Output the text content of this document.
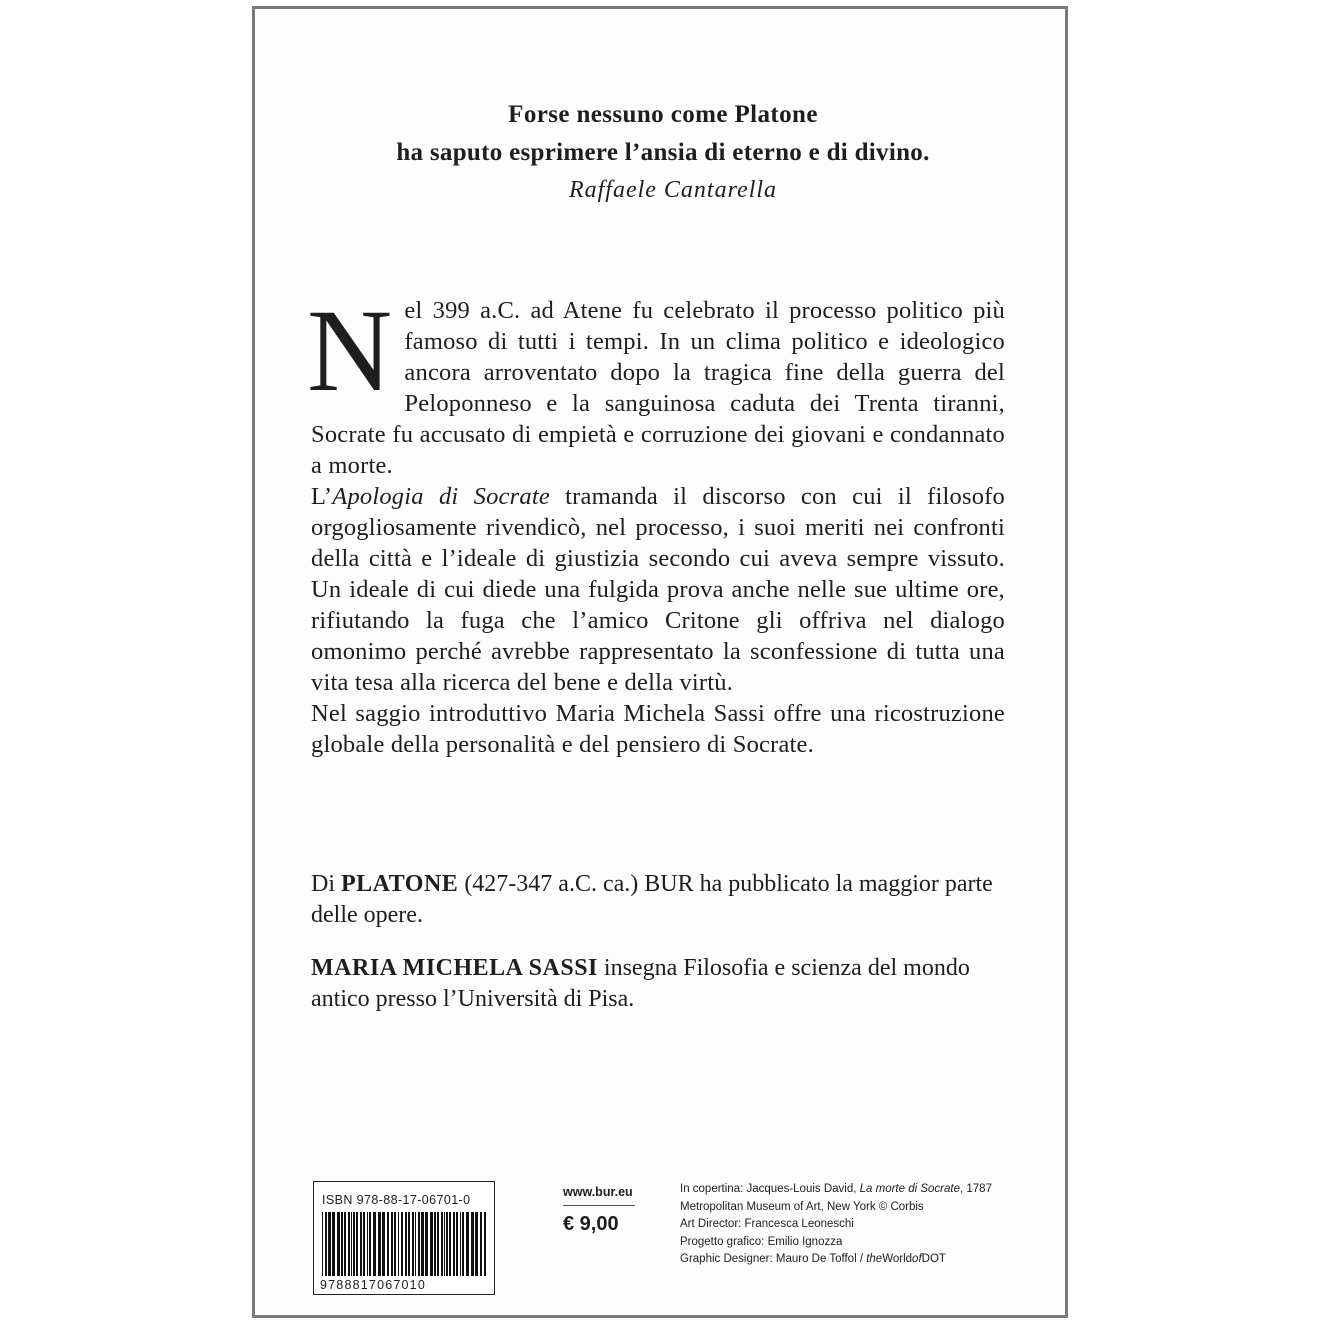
Forse nessuno come Platone
ha saputo esprimere l’ansia di eterno e di divino.
Raffaele Cantarella

Nel 399 a.C. ad Atene fu celebrato il processo politico più famoso di tutti i tempi. In un clima politico e ideologico ancora arroventato dopo la tragica fine della guerra del Peloponneso e la sanguinosa caduta dei Trenta tiranni, Socrate fu accusato di empietà e corruzione dei giovani e condannato a morte.

L’Apologia di Socrate tramanda il discorso con cui il filosofo orgogliosamente rivendicò, nel processo, i suoi meriti nei confronti della città e l’ideale di giustizia secondo cui aveva sempre vissuto. Un ideale di cui diede una fulgida prova anche nelle sue ultime ore, rifiutando la fuga che l’amico Critone gli offriva nel dialogo omonimo perché avrebbe rappresentato la sconfessione di tutta una vita tesa alla ricerca del bene e della virtù.

Nel saggio introduttivo Maria Michela Sassi offre una ricostruzione globale della personalità e del pensiero di Socrate.

Di PLATONE (427-347 a.C. ca.) BUR ha pubblicato la maggior parte delle opere.
MARIA MICHELA SASSI insegna Filosofia e scienza del mondo antico presso l’Università di Pisa.
ISBN 978-88-17-06701-0
9788817067010
www.bur.eu
€ 9,00
In copertina: Jacques-Louis David, La morte di Socrate, 1787
Metropolitan Museum of Art, New York © Corbis
Art Director: Francesca Leoneschi
Progetto grafico: Emilio Ignozza
Graphic Designer: Mauro De Toffol / theWorldofDOT
